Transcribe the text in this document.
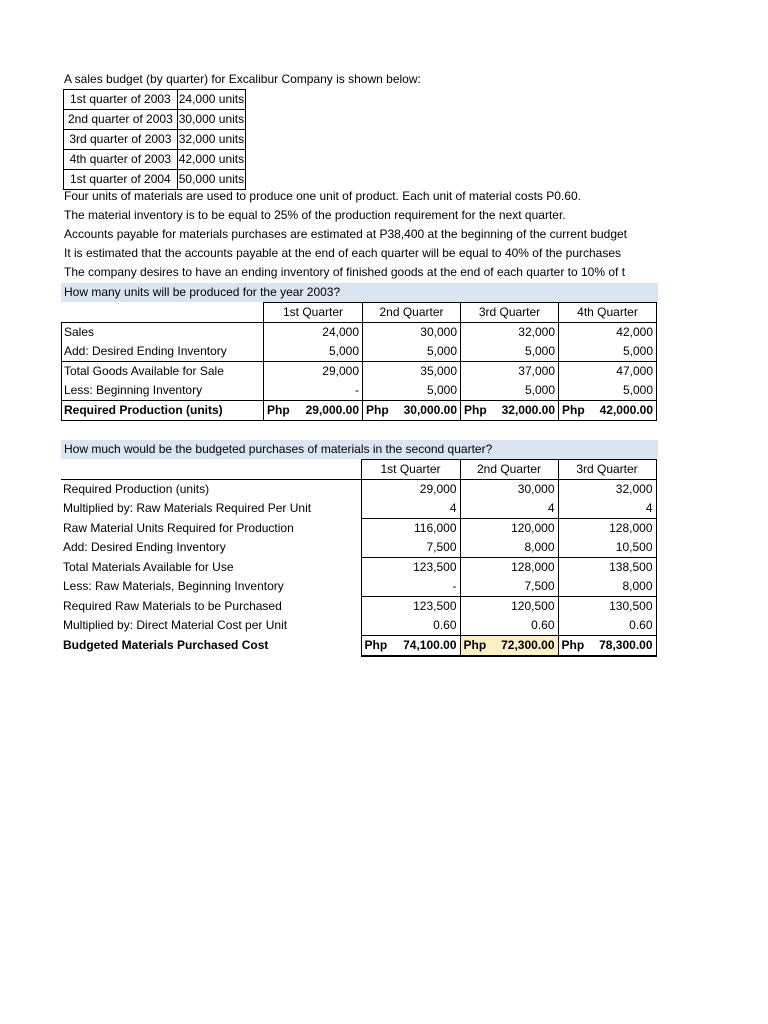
A sales budget (by quarter) for Excalibur Company is shown below:
1st quarter of 2003	24,000 units
2nd quarter of 2003	30,000 units
3rd quarter of 2003	32,000 units
4th quarter of 2003	42,000 units
1st quarter of 2004	50,000 units
Four units of materials are used to produce one unit of product. Each unit of material costs P0.60.
The material inventory is to be equal to 25% of the production requirement for the next quarter.
Accounts payable for materials purchases are estimated at P38,400 at the beginning of the current budget
It is estimated that the accounts payable at the end of each quarter will be equal to 40% of the purchases
The company desires to have an ending inventory of finished goods at the end of each quarter to 10% of t
How many units will be produced for the year 2003?
	1st Quarter	2nd Quarter	3rd Quarter	4th Quarter
Sales	24,000	30,000	32,000	42,000
Add: Desired Ending Inventory	5,000	5,000	5,000	5,000
Total Goods Available for Sale	29,000	35,000	37,000	47,000
Less: Beginning Inventory	-	5,000	5,000	5,000
Required Production (units)	Php 29,000.00	Php 30,000.00	Php 32,000.00	Php 42,000.00
How much would be the budgeted purchases of materials in the second quarter?
	1st Quarter	2nd Quarter	3rd Quarter
Required Production (units)	29,000	30,000	32,000
Multiplied by: Raw Materials Required Per Unit	4	4	4
Raw Material Units Required for Production	116,000	120,000	128,000
Add: Desired Ending Inventory	7,500	8,000	10,500
Total Materials Available for Use	123,500	128,000	138,500
Less: Raw Materials, Beginning Inventory	-	7,500	8,000
Required Raw Materials to be Purchased	123,500	120,500	130,500
Multiplied by: Direct Material Cost per Unit	0.60	0.60	0.60
Budgeted Materials Purchased Cost	Php 74,100.00	Php 72,300.00	Php 78,300.00
